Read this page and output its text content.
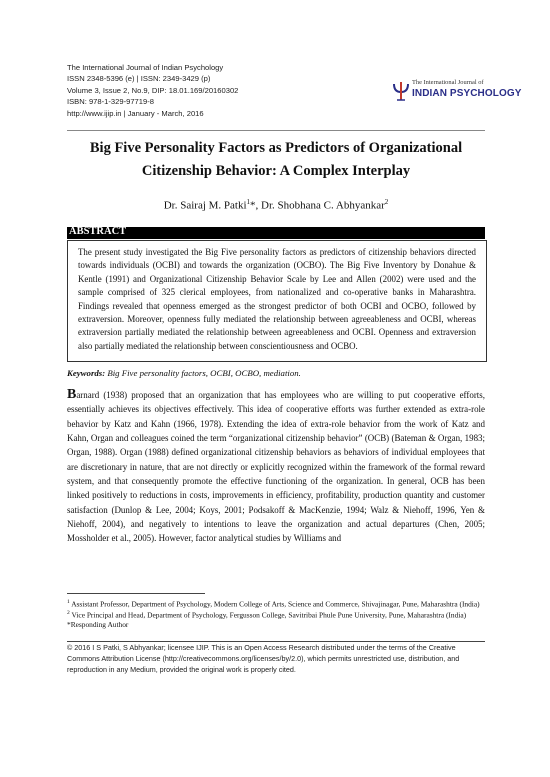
The International Journal of Indian Psychology
ISSN 2348-5396 (e) | ISSN: 2349-3429 (p)
Volume 3, Issue 2, No.9, DIP: 18.01.169/20160302
ISBN: 978-1-329-97719-8
http://www.ijip.in | January - March, 2016
The International Journal of
INDIAN PSYCHOLOGY
Big Five Personality Factors as Predictors of Organizational
Citizenship Behavior: A Complex Interplay
Dr. Sairaj M. Patki$^1$*, Dr. Shobhana C. Abhyankar$^2$
ABSTRACT
The present study investigated the Big Five personality factors as predictors of citizenship behaviors directed towards individuals (OCBI) and towards the organization (OCBO). The Big Five Inventory by Donahue & Kentle (1991) and Organizational Citizenship Behavior Scale by Lee and Allen (2002) were used and the sample comprised of 325 clerical employees, from nationalized and co-operative banks in Maharashtra. Findings revealed that openness emerged as the strongest predictor of both OCBI and OCBO, followed by extraversion. Moreover, openness fully mediated the relationship between agreeableness and OCBI, whereas extraversion partially mediated the relationship between agreeableness and OCBI. Openness and extraversion also partially mediated the relationship between conscientiousness and OCBO.
Keywords: Big Five personality factors, OCBI, OCBO, mediation.
Barnard (1938) proposed that an organization that has employees who are willing to put cooperative efforts, essentially achieves its objectives effectively. This idea of cooperative efforts was further extended as extra-role behavior by Katz and Kahn (1966, 1978). Extending the idea of extra-role behavior from the work of Katz and Kahn, Organ and colleagues coined the term “organizational citizenship behavior” (OCB) (Bateman & Organ, 1983; Organ, 1988). Organ (1988) defined organizational citizenship behaviors as behaviors of individual employees that are discretionary in nature, that are not directly or explicitly recognized within the framework of the formal reward system, and that consequently promote the effective functioning of the organization. In general, OCB has been linked positively to reductions in costs, improvements in efficiency, profitability, production quantity and customer satisfaction (Dunlop & Lee, 2004; Koys, 2001; Podsakoff & MacKenzie, 1994; Walz & Niehoff, 1996, Yen & Niehoff, 2004), and negatively to intentions to leave the organization and actual departures (Chen, 2005; Mossholder et al., 2005). However, factor analytical studies by Williams and
$^1$ Assistant Professor, Department of Psychology, Modern College of Arts, Science and Commerce, Shivajinagar, Pune, Maharashtra (India)
$^2$ Vice Principal and Head, Department of Psychology, Fergusson College, Savitribai Phule Pune University, Pune, Maharashtra (India)
*Responding Author
© 2016 I S Patki, S Abhyankar; licensee IJIP. This is an Open Access Research distributed under the terms of the Creative Commons Attribution License (http://creativecommons.org/licenses/by/2.0), which permits unrestricted use, distribution, and reproduction in any Medium, provided the original work is properly cited.
